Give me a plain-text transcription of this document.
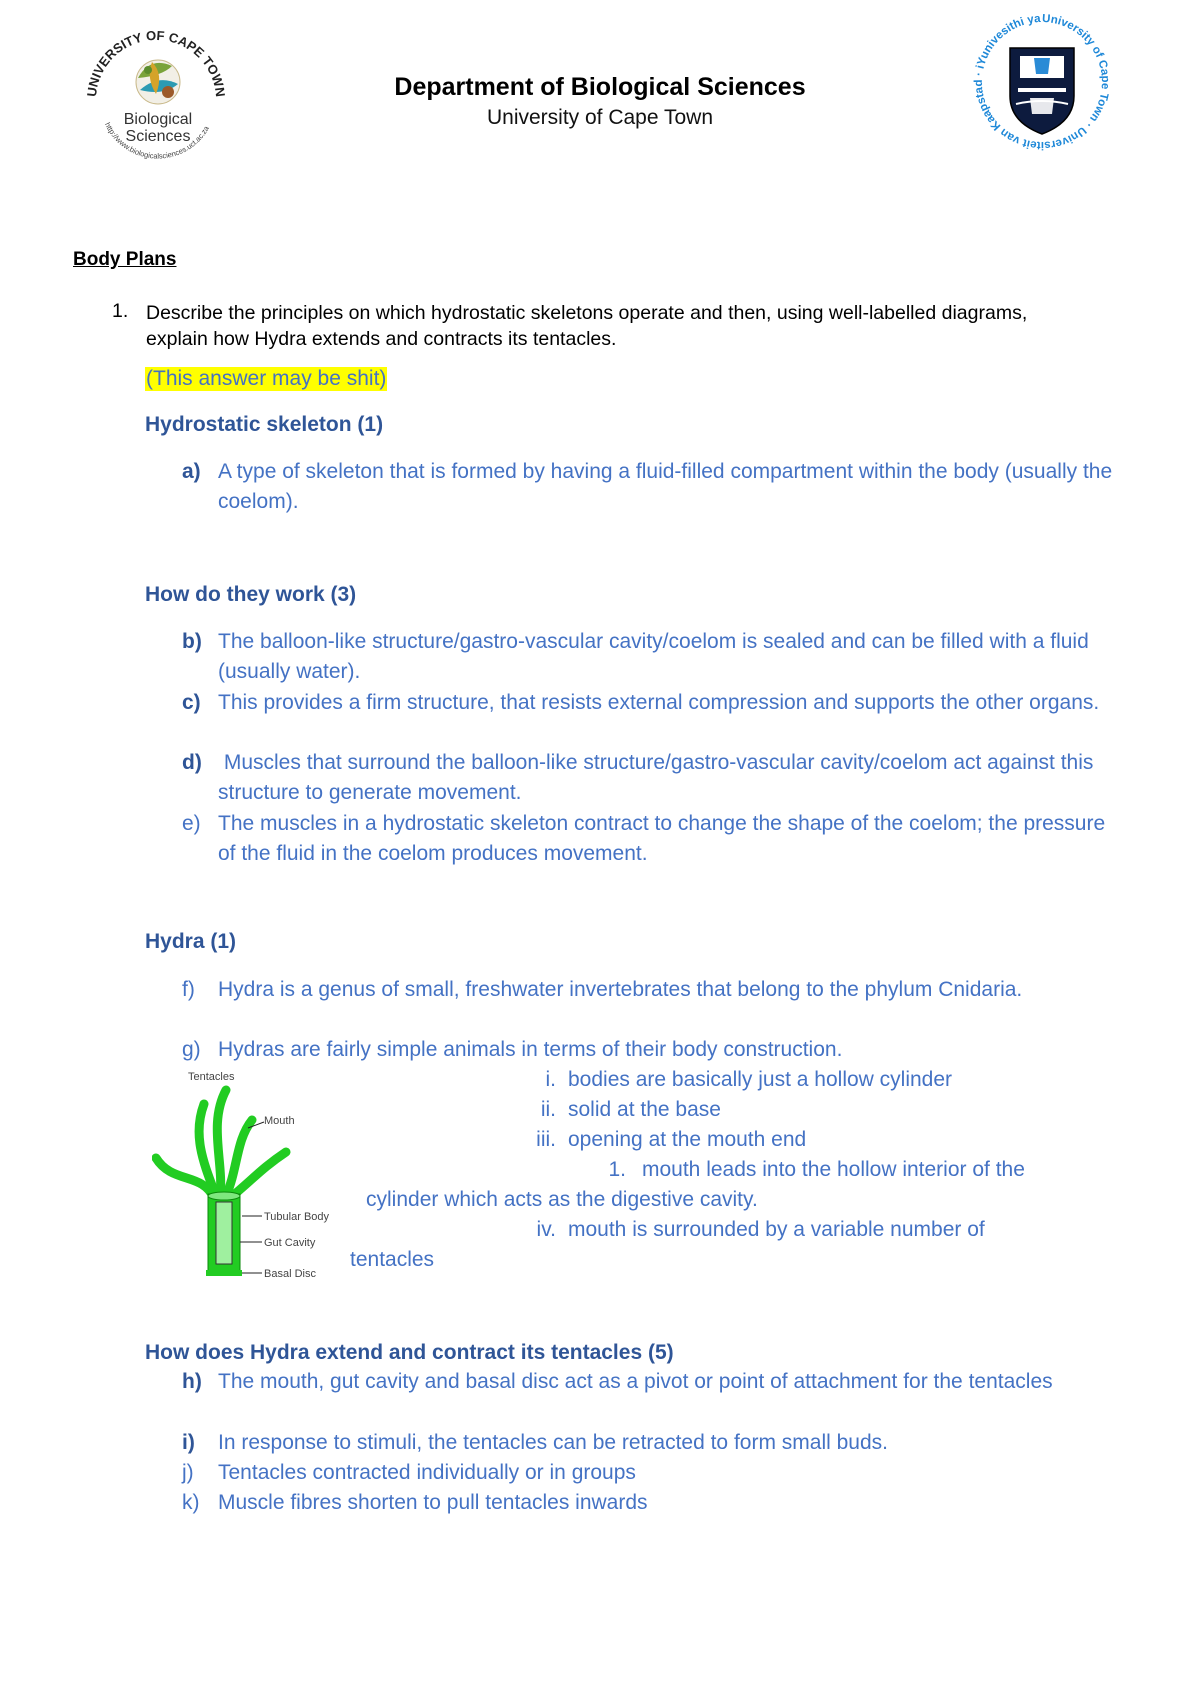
UNIVERSITY OF CAPE TOWN
Biological
Sciences
http://www.biologicalsciences.uct.ac.za
Department of Biological Sciences
University of Cape Town
University of Cape Town · Universiteit van Kaapstad · iYunivesithi ya
Body Plans
1. Describe the principles on which hydrostatic skeletons operate and then, using well-labelled diagrams, explain how Hydra extends and contracts its tentacles.
(This answer may be shit)
Hydrostatic skeleton (1)
a) A type of skeleton that is formed by having a fluid-filled compartment within the body (usually the coelom).
How do they work (3)
b) The balloon-like structure/gastro-vascular cavity/coelom is sealed and can be filled with a fluid (usually water).
c) This provides a firm structure, that resists external compression and supports the other organs.
d) Muscles that surround the balloon-like structure/gastro-vascular cavity/coelom act against this structure to generate movement.
e) The muscles in a hydrostatic skeleton contract to change the shape of the coelom; the pressure of the fluid in the coelom produces movement.
Hydra (1)
f) Hydra is a genus of small, freshwater invertebrates that belong to the phylum Cnidaria.
g) Hydras are fairly simple animals in terms of their body construction.
i. bodies are basically just a hollow cylinder
ii. solid at the base
iii. opening at the mouth end
1. mouth leads into the hollow interior of the
cylinder which acts as the digestive cavity.
iv. mouth is surrounded by a variable number of
tentacles
Tentacles
Mouth
Tubular Body
Gut Cavity
Basal Disc
How does Hydra extend and contract its tentacles (5)
h) The mouth, gut cavity and basal disc act as a pivot or point of attachment for the tentacles
i) In response to stimuli, the tentacles can be retracted to form small buds.
j) Tentacles contracted individually or in groups
k) Muscle fibres shorten to pull tentacles inwards
